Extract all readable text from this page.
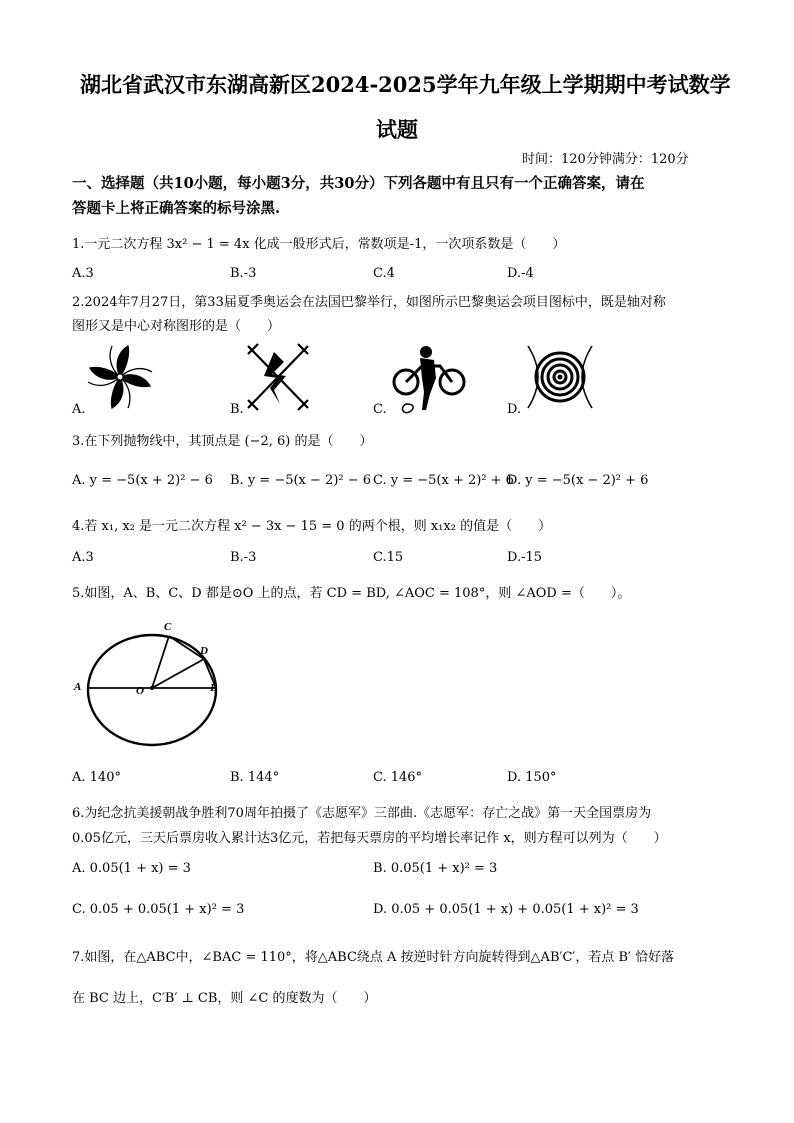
湖北省武汉市东湖高新区2024-2025学年九年级上学期期中考试数学
试题
时间：120分钟满分：120分
一、选择题（共10小题，每小题3分，共30分）下列各题中有且只有一个正确答案，请在
答题卡上将正确答案的标号涂黑.
1.一元二次方程 3x² − 1 = 4x 化成一般形式后，常数项是-1，一次项系数是（　　）
A.3	B.-3	C.4	D.-4
2.2024年7月27日，第33届夏季奥运会在法国巴黎举行，如图所示巴黎奥运会项目图标中，既是轴对称
图形又是中心对称图形的是（　　）
A.	B.	C.	D.
3.在下列抛物线中，其顶点是 (−2, 6) 的是（　　）
A. y = −5(x + 2)² − 6 B. y = −5(x − 2)² − 6 C. y = −5(x + 2)² + 6
D. y = −5(x − 2)² + 6
4.若 x₁, x₂ 是一元二次方程 x² − 3x − 15 = 0 的两个根，则 x₁x₂ 的值是（　　）
A.3	B.-3	C.15	D.-15
5.如图，A、B、C、D 都是⊙O 上的点，若 CD = BD, ∠AOC = 108°，则 ∠AOD =（　　）。
A	O	B
C
D
A. 140°	B. 144°	C. 146°	D. 150°
6.为纪念抗美援朝战争胜利70周年拍摄了《志愿军》三部曲.《志愿军：存亡之战》第一天全国票房为
0.05亿元，三天后票房收入累计达3亿元，若把每天票房的平均增长率记作 x，则方程可以列为（　　）
A. 0.05(1 + x) = 3	B. 0.05(1 + x)² = 3
C. 0.05 + 0.05(1 + x)² = 3	D. 0.05 + 0.05(1 + x) + 0.05(1 + x)² = 3
7.如图，在△ABC中，∠BAC = 110°，将△ABC绕点 A 按逆时针方向旋转得到△AB′C′，若点 B′ 恰好落
在 BC 边上，C′B′ ⊥ CB，则 ∠C 的度数为（　　）
